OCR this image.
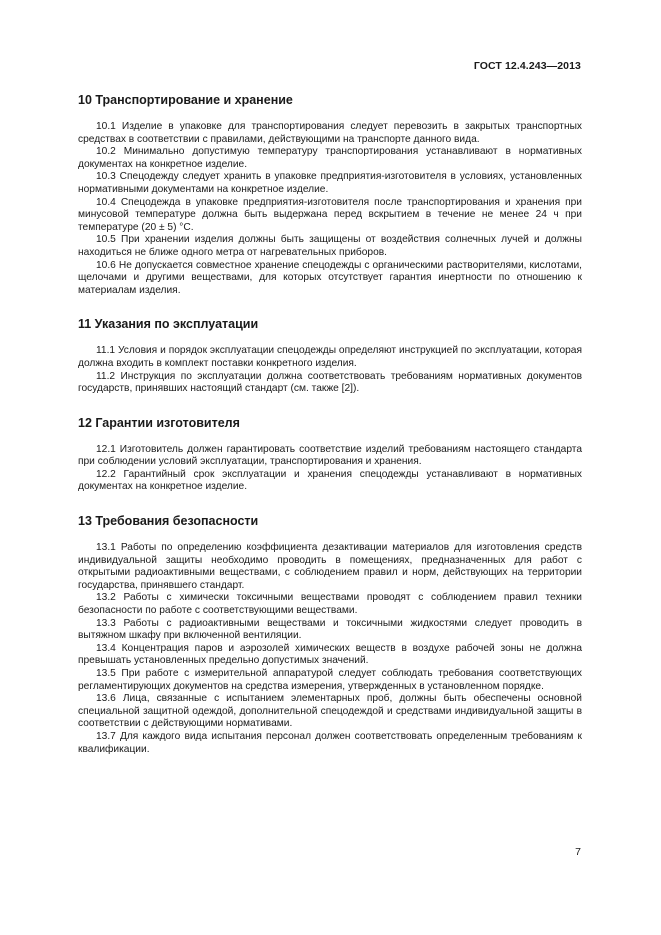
ГОСТ 12.4.243—2013
10 Транспортирование и хранение

10.1 Изделие в упаковке для транспортирования следует перевозить в закрытых транспортных средствах в соответствии с правилами, действующими на транспорте данного вида.

10.2 Минимально допустимую температуру транспортирования устанавливают в нормативных документах на конкретное изделие.

10.3 Спецодежду следует хранить в упаковке предприятия-изготовителя в условиях, установленных нормативными документами на конкретное изделие.

10.4 Спецодежда в упаковке предприятия-изготовителя после транспортирования и хранения при минусовой температуре должна быть выдержана перед вскрытием в течение не менее 24 ч при температуре (20 ± 5) °С.

10.5 При хранении изделия должны быть защищены от воздействия солнечных лучей и должны находиться не ближе одного метра от нагревательных приборов.

10.6 Не допускается совместное хранение спецодежды с органическими растворителями, кислотами, щелочами и другими веществами, для которых отсутствует гарантия инертности по отношению к материалам изделия.

11 Указания по эксплуатации

11.1 Условия и порядок эксплуатации спецодежды определяют инструкцией по эксплуатации, которая должна входить в комплект поставки конкретного изделия.

11.2 Инструкция по эксплуатации должна соответствовать требованиям нормативных документов государств, принявших настоящий стандарт (см. также [2]).

12 Гарантии изготовителя

12.1 Изготовитель должен гарантировать соответствие изделий требованиям настоящего стандарта при соблюдении условий эксплуатации, транспортирования и хранения.

12.2 Гарантийный срок эксплуатации и хранения спецодежды устанавливают в нормативных документах на конкретное изделие.

13 Требования безопасности

13.1 Работы по определению коэффициента дезактивации материалов для изготовления средств индивидуальной защиты необходимо проводить в помещениях, предназначенных для работ с открытыми радиоактивными веществами, с соблюдением правил и норм, действующих на территории государства, принявшего стандарт.

13.2 Работы с химически токсичными веществами проводят с соблюдением правил техники безопасности по работе с соответствующими веществами.

13.3 Работы с радиоактивными веществами и токсичными жидкостями следует проводить в вытяжном шкафу при включенной вентиляции.

13.4 Концентрация паров и аэрозолей химических веществ в воздухе рабочей зоны не должна превышать установленных предельно допустимых значений.

13.5 При работе с измерительной аппаратурой следует соблюдать требования соответствующих регламентирующих документов на средства измерения, утвержденных в установленном порядке.

13.6 Лица, связанные с испытанием элементарных проб, должны быть обеспечены основной специальной защитной одеждой, дополнительной спецодеждой и средствами индивидуальной защиты в соответствии с действующими нормативами.

13.7 Для каждого вида испытания персонал должен соответствовать определенным требованиям к квалификации.

7
